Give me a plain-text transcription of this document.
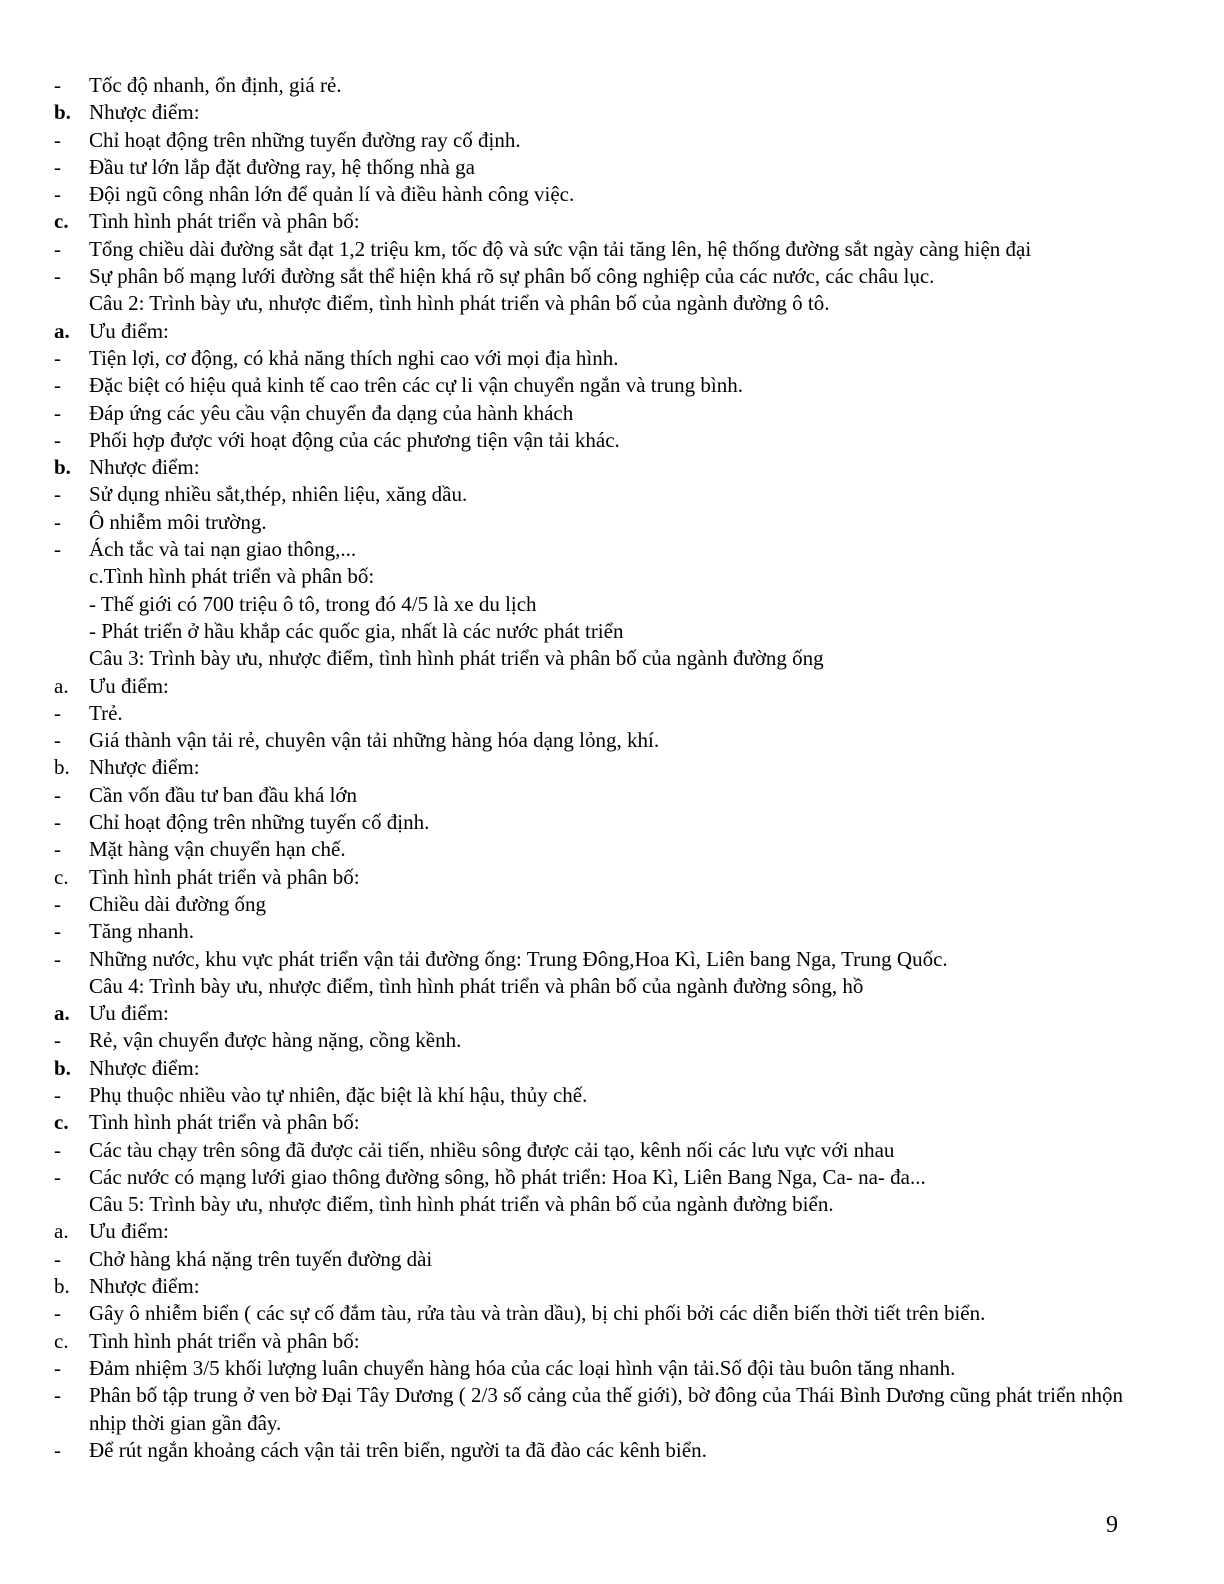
-	Tốc độ nhanh, ổn định, giá rẻ.
b. Nhược điểm:
-	Chỉ hoạt động trên những tuyến đường ray cố định.
-	Đầu tư lớn lắp đặt đường ray, hệ thống nhà ga
-	Đội ngũ công nhân lớn để quản lí và điều hành công việc.
c. Tình hình phát triển và phân bố:
-	Tổng chiều dài đường sắt đạt 1,2 triệu km, tốc độ và sức vận tải tăng lên, hệ thống đường sắt ngày càng hiện đại
-	Sự phân bố mạng lưới đường sắt thể hiện khá rõ sự phân bố công nghiệp của các nước, các châu lục.
Câu 2: Trình bày ưu, nhược điểm, tình hình phát triển và phân bố của ngành đường ô tô.
a. Ưu điểm:
-	Tiện lợi, cơ động, có khả năng thích nghi cao với mọi địa hình.
-	Đặc biệt có hiệu quả kinh tế cao trên các cự li vận chuyển ngắn và trung bình.
-	Đáp ứng các yêu cầu vận chuyển đa dạng của hành khách
-	Phối hợp được với hoạt động của các phương tiện vận tải khác.
b. Nhược điểm:
-	Sử dụng nhiều sắt,thép, nhiên liệu, xăng dầu.
-	Ô nhiễm môi trường.
-	Ách tắc và tai nạn giao thông,...
c.Tình hình phát triển và phân bố:
- Thế giới có 700 triệu ô tô, trong đó 4/5 là xe du lịch
- Phát triển ở hầu khắp các quốc gia, nhất là các nước phát triển
Câu 3: Trình bày ưu, nhược điểm, tình hình phát triển và phân bố của ngành đường ống
a. Ưu điểm:
-	Trẻ.
-	Giá thành vận tải rẻ, chuyên vận tải những hàng hóa dạng lỏng, khí.
b. Nhược điểm:
-	Cần vốn đầu tư ban đầu khá lớn
-	Chỉ hoạt động trên những tuyến cố định.
-	Mặt hàng vận chuyển hạn chế.
c. Tình hình phát triển và phân bố:
-	Chiều dài đường ống
-	Tăng nhanh.
-	Những nước, khu vực phát triển vận tải đường ống: Trung Đông,Hoa Kì, Liên bang Nga, Trung Quốc.
Câu 4: Trình bày ưu, nhược điểm, tình hình phát triển và phân bố của ngành đường sông, hồ
a. Ưu điểm:
-	Rẻ, vận chuyển được hàng nặng, cồng kềnh.
b. Nhược điểm:
-	Phụ thuộc nhiều vào tự nhiên, đặc biệt là khí hậu, thủy chế.
c. Tình hình phát triển và phân bố:
-	Các tàu chạy trên sông đã được cải tiến, nhiều sông được cải tạo, kênh nối các lưu vực với nhau
-	Các nước có mạng lưới giao thông đường sông, hồ phát triển: Hoa Kì, Liên Bang Nga, Ca- na- đa...
Câu 5: Trình bày ưu, nhược điểm, tình hình phát triển và phân bố của ngành đường biển.
a. Ưu điểm:
-	Chở hàng khá nặng trên tuyến đường dài
b. Nhược điểm:
-	Gây ô nhiễm biển ( các sự cố đắm tàu, rửa tàu và tràn dầu), bị chi phối bởi các diễn biến thời tiết trên biển.
c. Tình hình phát triển và phân bố:
-	Đảm nhiệm 3/5 khối lượng luân chuyển hàng hóa của các loại hình vận tải.Số đội tàu buôn tăng nhanh.
-	Phân bố tập trung ở ven bờ Đại Tây Dương ( 2/3 số cảng của thế giới), bờ đông của Thái Bình Dương cũng phát triển nhộn nhịp thời gian gần đây.
-	Để rút ngắn khoảng cách vận tải trên biển, người ta đã đào các kênh biển.
9
